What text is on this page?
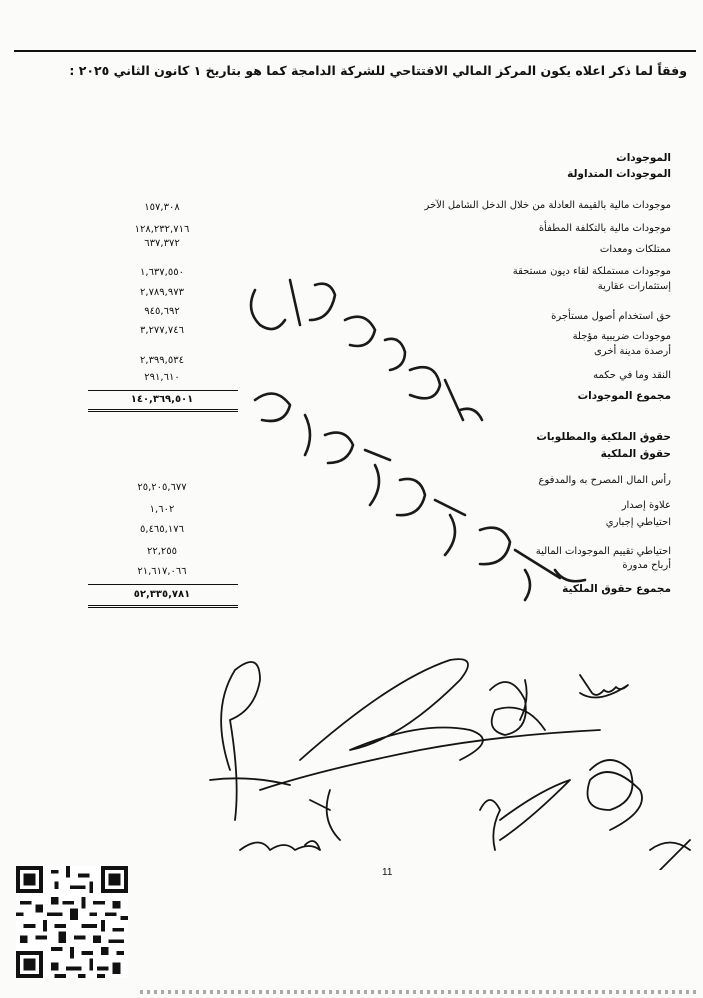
وفقاً لما ذكر اعلاه يكون المركز المالي الافتتاحي للشركة الدامجة كما هو بتاريخ ١ كانون الثاني ٢٠٢٥ :
الموجودات
الموجودات المتداولة
موجودات مالية بالقيمة العادلة من خلال الدخل الشامل الآخر
١٥٧,٣٠٨
موجودات مالية بالتكلفة المطفأة
١٢٨,٢٣٢,٧١٦
ممتلكات ومعدات
٦٣٧,٣٧٢
موجودات مستملكة لقاء ديون مستحقة
١,٦٣٧,٥٥٠
إستثمارات عقارية
٢,٧٨٩,٩٧٣
حق استخدام أصول مستأجرة
٩٤٥,٦٩٢
موجودات ضريبية مؤجلة
٣,٢٧٧,٧٤٦
أرصدة مدينة أخرى
٢,٣٩٩,٥٣٤
النقد وما في حكمه
٢٩١,٦١٠
مجموع الموجودات
١٤٠,٣٦٩,٥٠١
حقوق الملكية والمطلوبات
حقوق الملكية
رأس المال المصرح به والمدفوع
٢٥,٢٠٥,٦٧٧
علاوة إصدار
١,٦٠٢
احتياطي إجباري
٥,٤٦٥,١٧٦
احتياطي تقييم الموجودات المالية
٢٢,٢٥٥
أرباح مدورة
٢١,٦١٧,٠٦٦
مجموع حقوق الملكية
٥٢,٣٣٥,٧٨١
11
